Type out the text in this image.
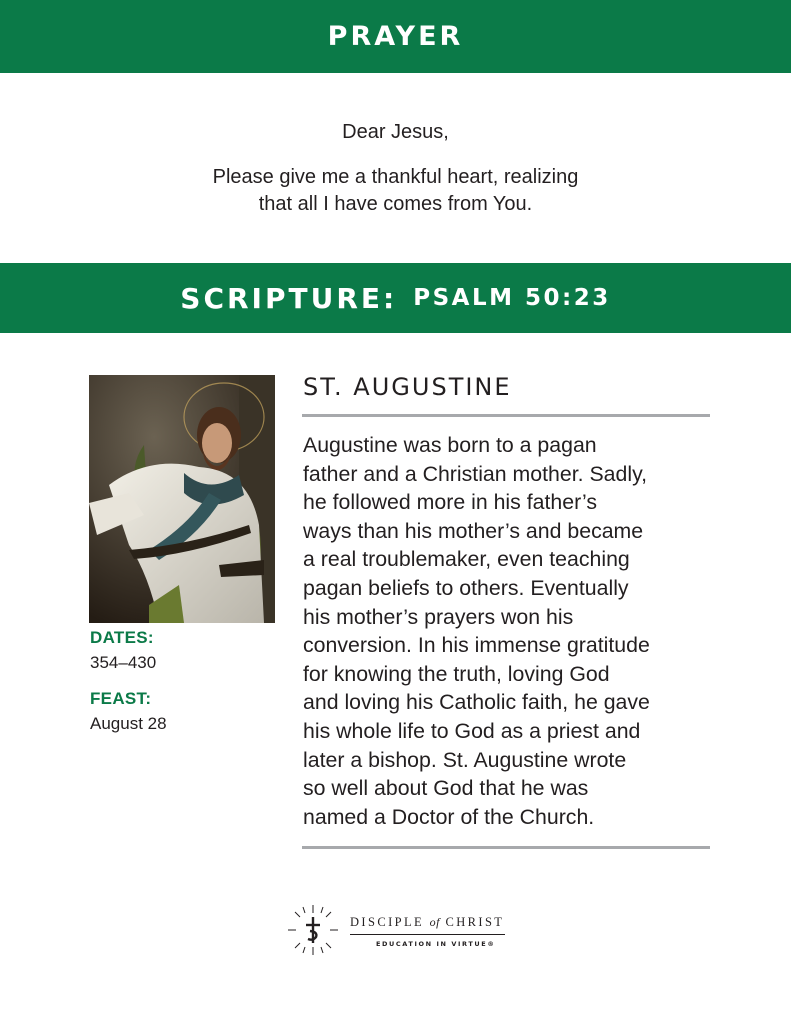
PRAYER
Dear Jesus,
Please give me a thankful heart, realizing
that all I have comes from You.
SCRIPTURE: PSALM 50:23
DATES:
354–430
FEAST:
August 28
ST. AUGUSTINE
Augustine was born to a pagan
father and a Christian mother. Sadly,
he followed more in his father’s
ways than his mother’s and became
a real troublemaker, even teaching
pagan beliefs to others. Eventually
his mother’s prayers won his
conversion. In his immense gratitude
for knowing the truth, loving God
and loving his Catholic faith, he gave
his whole life to God as a priest and
later a bishop. St. Augustine wrote
so well about God that he was
named a Doctor of the Church.
DISCIPLE of CHRIST
EDUCATION IN VIRTUE®
